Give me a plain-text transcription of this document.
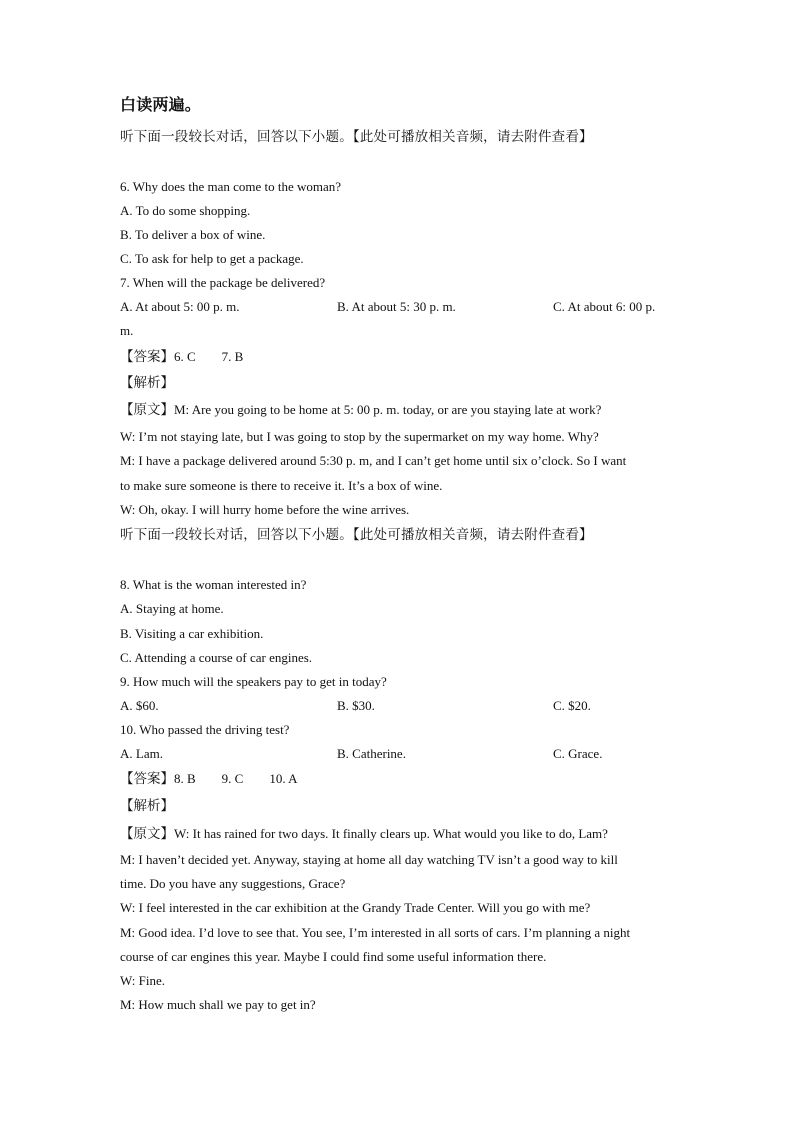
白读两遍。
听下面一段较长对话，回答以下小题。【此处可播放相关音频，请去附件查看】
6. Why does the man come to the woman?
A. To do some shopping.
B. To deliver a box of wine.
C. To ask for help to get a package.
7. When will the package be delivered?
A. At about 5: 00 p. m.	B. At about 5: 30 p. m.	C. At about 6: 00 p.
m.
【答案】6. C        7. B
【解析】
【原文】M: Are you going to be home at 5: 00 p. m. today, or are you staying late at work?
W: I’m not staying late, but I was going to stop by the supermarket on my way home. Why?
M: I have a package delivered around 5:30 p. m, and I can’t get home until six o’clock. So I want
to make sure someone is there to receive it. It’s a box of wine.
W: Oh, okay. I will hurry home before the wine arrives.
听下面一段较长对话，回答以下小题。【此处可播放相关音频，请去附件查看】
8. What is the woman interested in?
A. Staying at home.
B. Visiting a car exhibition.
C. Attending a course of car engines.
9. How much will the speakers pay to get in today?
A. $60.	B. $30.	C. $20.
10. Who passed the driving test?
A. Lam.	B. Catherine.	C. Grace.
【答案】8. B        9. C        10. A
【解析】
【原文】W: It has rained for two days. It finally clears up. What would you like to do, Lam?
M: I haven’t decided yet. Anyway, staying at home all day watching TV isn’t a good way to kill
time. Do you have any suggestions, Grace?
W: I feel interested in the car exhibition at the Grandy Trade Center. Will you go with me?
M: Good idea. I’d love to see that. You see, I’m interested in all sorts of cars. I’m planning a night
course of car engines this year. Maybe I could find some useful information there.
W: Fine.
M: How much shall we pay to get in?
